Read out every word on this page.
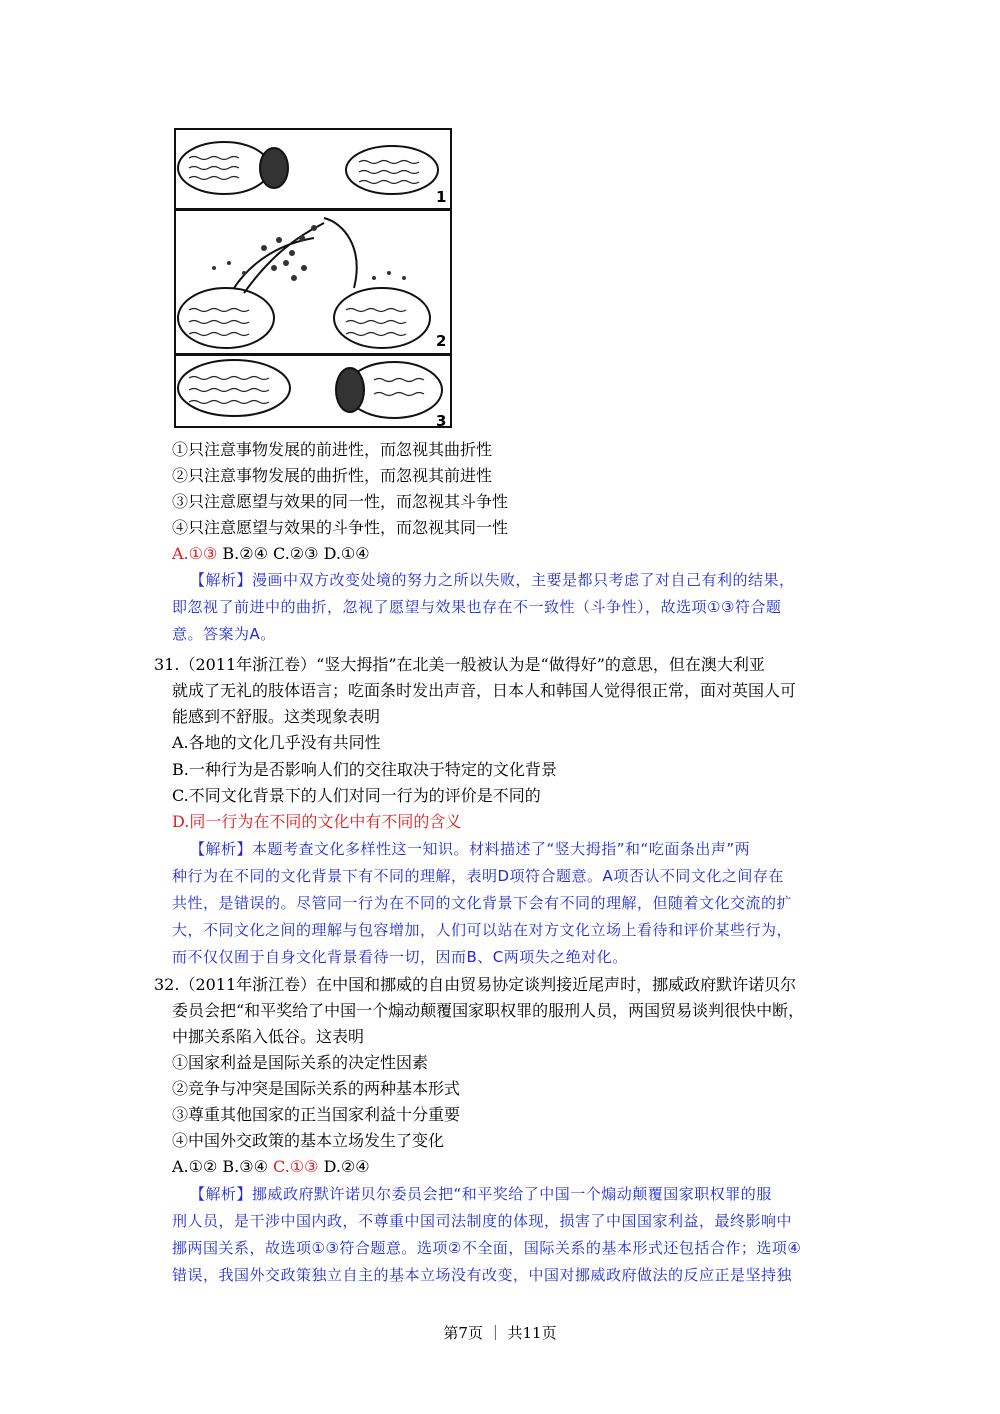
1
2
3
①只注意事物发展的前进性，而忽视其曲折性
②只注意事物发展的曲折性，而忽视其前进性
③只注意愿望与效果的同一性，而忽视其斗争性
④只注意愿望与效果的斗争性，而忽视其同一性
A.①③ B.②④ C.②③ D.①④
【解析】漫画中双方改变处境的努力之所以失败，主要是都只考虑了对自己有利的结果，
即忽视了前进中的曲折，忽视了愿望与效果也存在不一致性（斗争性），故选项①③符合题
意。答案为A。
31.（2011年浙江卷）“竖大拇指”在北美一般被认为是“做得好”的意思，但在澳大利亚
就成了无礼的肢体语言；吃面条时发出声音，日本人和韩国人觉得很正常，面对英国人可
能感到不舒服。这类现象表明
A.各地的文化几乎没有共同性
B.一种行为是否影响人们的交往取决于特定的文化背景
C.不同文化背景下的人们对同一行为的评价是不同的
D.同一行为在不同的文化中有不同的含义
【解析】本题考查文化多样性这一知识。材料描述了“竖大拇指”和“吃面条出声”两
种行为在不同的文化背景下有不同的理解，表明D项符合题意。A项否认不同文化之间存在
共性，是错误的。尽管同一行为在不同的文化背景下会有不同的理解，但随着文化交流的扩
大，不同文化之间的理解与包容增加，人们可以站在对方文化立场上看待和评价某些行为，
而不仅仅囿于自身文化背景看待一切，因而B、C两项失之绝对化。
32.（2011年浙江卷）在中国和挪威的自由贸易协定谈判接近尾声时，挪威政府默许诺贝尔
委员会把“和平奖给了中国一个煽动颠覆国家职权罪的服刑人员，两国贸易谈判很快中断，
中挪关系陷入低谷。这表明
①国家利益是国际关系的决定性因素
②竞争与冲突是国际关系的两种基本形式
③尊重其他国家的正当国家利益十分重要
④中国外交政策的基本立场发生了变化
A.①② B.③④ C.①③ D.②④
【解析】挪威政府默许诺贝尔委员会把“和平奖给了中国一个煽动颠覆国家职权罪的服
刑人员，是干涉中国内政，不尊重中国司法制度的体现，损害了中国国家利益，最终影响中
挪两国关系，故选项①③符合题意。选项②不全面，国际关系的基本形式还包括合作；选项④
错误，我国外交政策独立自主的基本立场没有改变，中国对挪威政府做法的反应正是坚持独
第7页 ｜ 共11页
